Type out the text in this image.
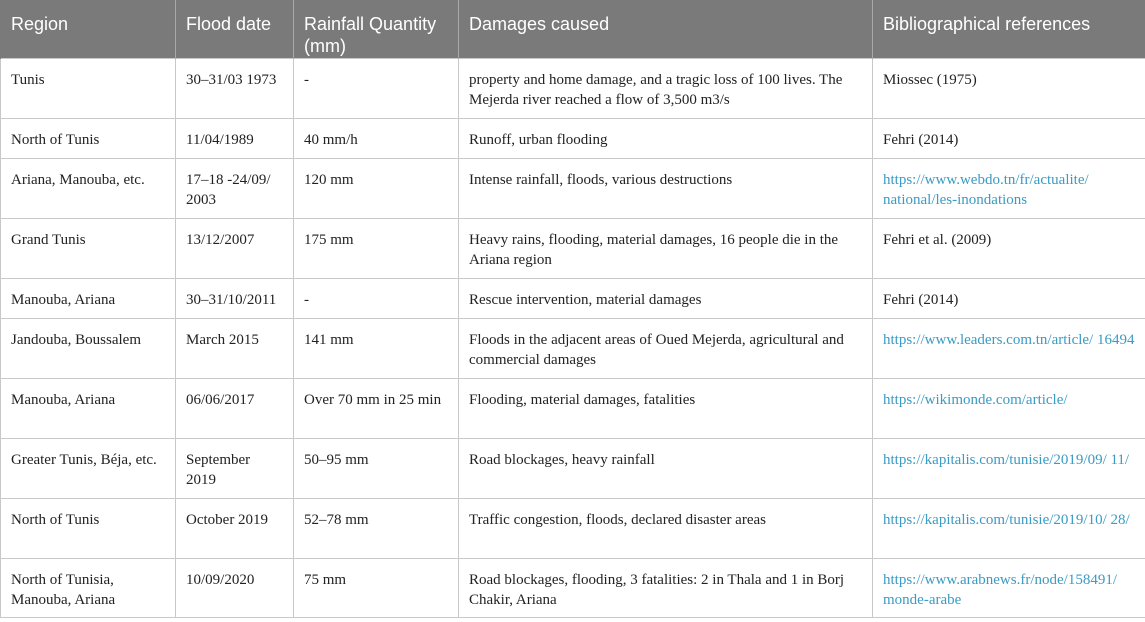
Region	Flood date	Rainfall Quantity (mm)	Damages caused	Bibliographical references
Tunis	30–31/03 1973	-	property and home damage, and a tragic loss of 100 lives. The Mejerda river reached a flow of 3,500 m3/s	Miossec (1975)
North of Tunis	11/04/1989	40 mm/h	Runoff, urban flooding	Fehri (2014)
Ariana, Manouba, etc.	17–18 -24/09/ 2003	120 mm	Intense rainfall, floods, various destructions	https://www.webdo.tn/fr/actualite/ national/les-inondations
Grand Tunis	13/12/2007	175 mm	Heavy rains, flooding, material damages, 16 people die in the Ariana region	Fehri et al. (2009)
Manouba, Ariana	30–31/10/2011	-	Rescue intervention, material damages	Fehri (2014)
Jandouba, Boussalem	March 2015	141 mm	Floods in the adjacent areas of Oued Mejerda, agricultural and commercial damages	https://www.leaders.com.tn/article/ 16494
Manouba, Ariana	06/06/2017	Over 70 mm in 25 min	Flooding, material damages, fatalities	https://wikimonde.com/article/
Greater Tunis, Béja, etc.	September 2019	50–95 mm	Road blockages, heavy rainfall	https://kapitalis.com/tunisie/2019/09/ 11/
North of Tunis	October 2019	52–78 mm	Traffic congestion, floods, declared disaster areas	https://kapitalis.com/tunisie/2019/10/ 28/
North of Tunisia, Manouba, Ariana	10/09/2020	75 mm	Road blockages, flooding, 3 fatalities: 2 in Thala and 1 in Borj Chakir, Ariana	https://www.arabnews.fr/node/158491/ monde-arabe
